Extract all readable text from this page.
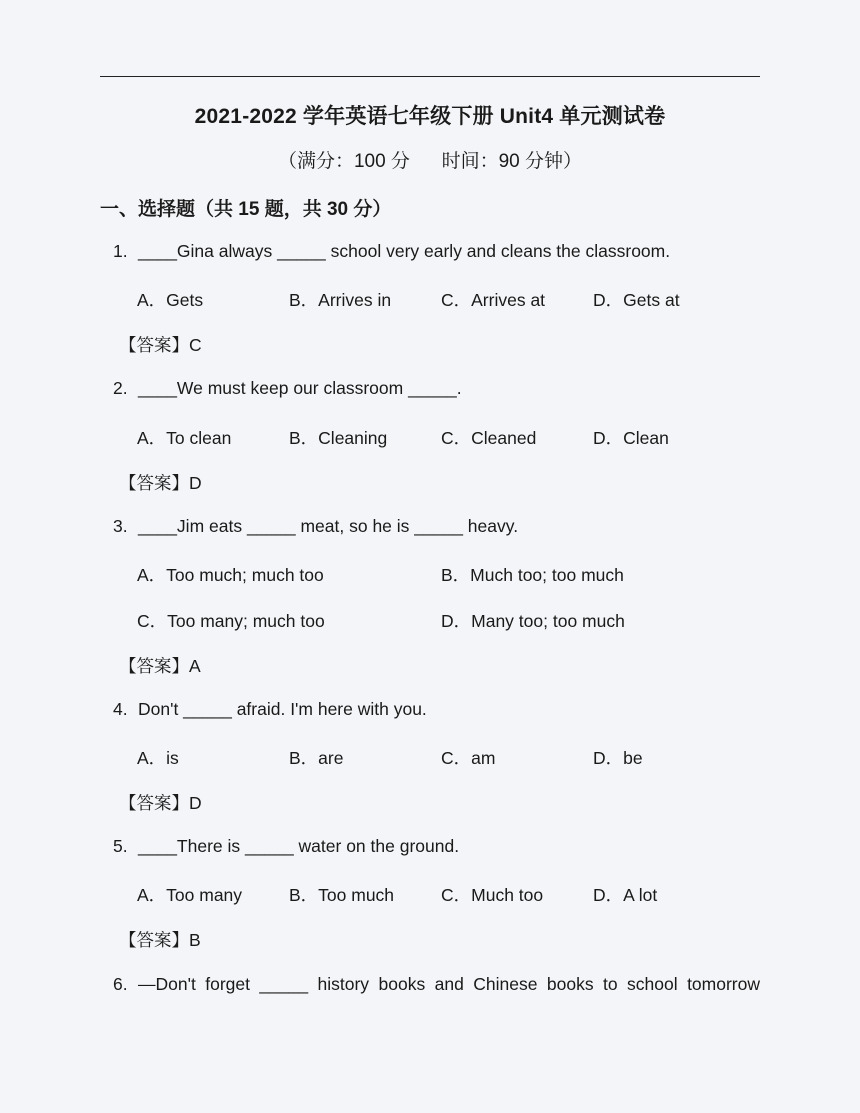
2021-2022 学年英语七年级下册 Unit4 单元测试卷
（满分：100 分      时间：90 分钟）
一、选择题（共 15 题，共 30 分）
1. ____Gina always _____ school very early and cleans the classroom.
A．Gets	B．Arrives in	C．Arrives at	D．Gets at
【答案】C
2. ____We must keep our classroom _____.
A．To clean	B．Cleaning	C．Cleaned	D．Clean
【答案】D
3. ____Jim eats _____ meat, so he is _____ heavy.
A．Too much; much too	B．Much too; too much
C．Too many; much too	D．Many too; too much
【答案】A
4. Don't _____ afraid. I'm here with you.
A．is	B．are	C．am	D．be
【答案】D
5. ____There is _____ water on the ground.
A．Too many	B．Too much	C．Much too	D．A lot
【答案】B
6. —Don't forget _____ history books and Chinese books to school tomorrow
